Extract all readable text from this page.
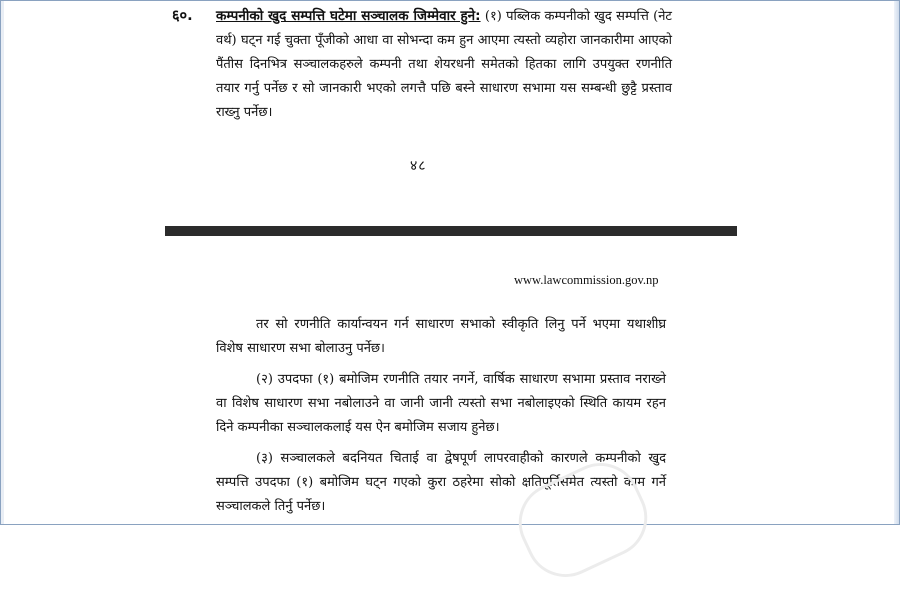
६०.	कम्पनीको खुद सम्पत्ति घटेमा सञ्चालक जिम्मेवार हुने: (१) पब्लिक कम्पनीको खुद सम्पत्ति (नेट वर्थ) घट्न गई चुक्ता पूँजीको आधा वा सोभन्दा कम हुन आएमा त्यस्तो व्यहोरा जानकारीमा आएको पैंतीस दिनभित्र सञ्चालकहरुले कम्पनी तथा शेयरधनी समेतको हितका लागि उपयुक्त रणनीति तयार गर्नु पर्नेछ र सो जानकारी भएको लगत्तै पछि बस्ने साधारण सभामा यस सम्बन्धी छुट्टै प्रस्ताव राख्नु पर्नेछ।
४८
www.lawcommission.gov.np
तर सो रणनीति कार्यान्वयन गर्न साधारण सभाको स्वीकृति लिनु पर्ने भएमा यथाशीघ्र विशेष साधारण सभा बोलाउनु पर्नेछ।
(२) उपदफा (१) बमोजिम रणनीति तयार नगर्ने, वार्षिक साधारण सभामा प्रस्ताव नराख्ने वा विशेष साधारण सभा नबोलाउने वा जानी जानी त्यस्तो सभा नबोलाइएको स्थिति कायम रहन दिने कम्पनीका सञ्चालकलाई यस ऐन बमोजिम सजाय हुनेछ।
(३) सञ्चालकले बदनियत चिताई वा द्वेषपूर्ण लापरवाहीको कारणले कम्पनीको खुद सम्पत्ति उपदफा (१) बमोजिम घट्न गएको कुरा ठहरेमा सोको क्षतिपूर्तिसमेत त्यस्तो काम गर्ने सञ्चालकले तिर्नु पर्नेछ।
